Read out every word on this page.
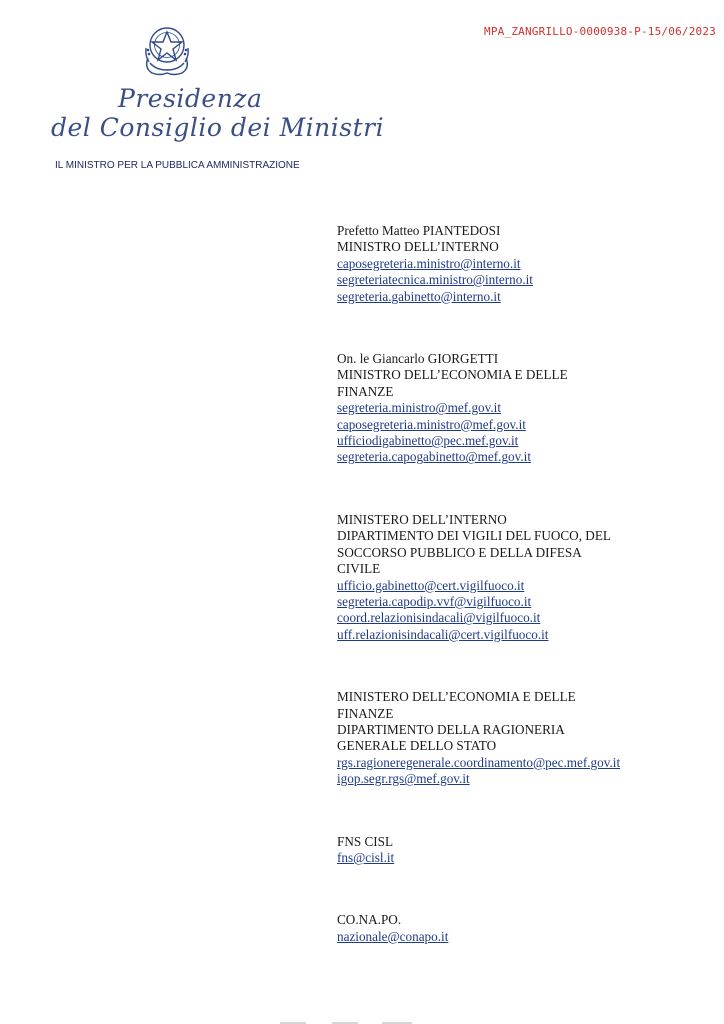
MPA_ZANGRILLO-0000938-P-15/06/2023
Presidenza
del Consiglio dei Ministri
IL MINISTRO PER LA PUBBLICA AMMINISTRAZIONE
Prefetto Matteo PIANTEDOSI
MINISTRO DELL’INTERNO
caposegreteria.ministro@interno.it
segreteriatecnica.ministro@interno.it
segreteria.gabinetto@interno.it
On. le Giancarlo GIORGETTI
MINISTRO DELL’ECONOMIA E DELLE
FINANZE
segreteria.ministro@mef.gov.it
caposegreteria.ministro@mef.gov.it
ufficiodigabinetto@pec.mef.gov.it
segreteria.capogabinetto@mef.gov.it
MINISTERO DELL’INTERNO
DIPARTIMENTO DEI VIGILI DEL FUOCO, DEL
SOCCORSO PUBBLICO E DELLA DIFESA
CIVILE
ufficio.gabinetto@cert.vigilfuoco.it
segreteria.capodip.vvf@vigilfuoco.it
coord.relazionisindacali@vigilfuoco.it
uff.relazionisindacali@cert.vigilfuoco.it
MINISTERO DELL’ECONOMIA E DELLE
FINANZE
DIPARTIMENTO DELLA RAGIONERIA
GENERALE DELLO STATO
rgs.ragioneregenerale.coordinamento@pec.mef.gov.it
igop.segr.rgs@mef.gov.it
FNS CISL
fns@cisl.it
CO.NA.PO.
nazionale@conapo.it
